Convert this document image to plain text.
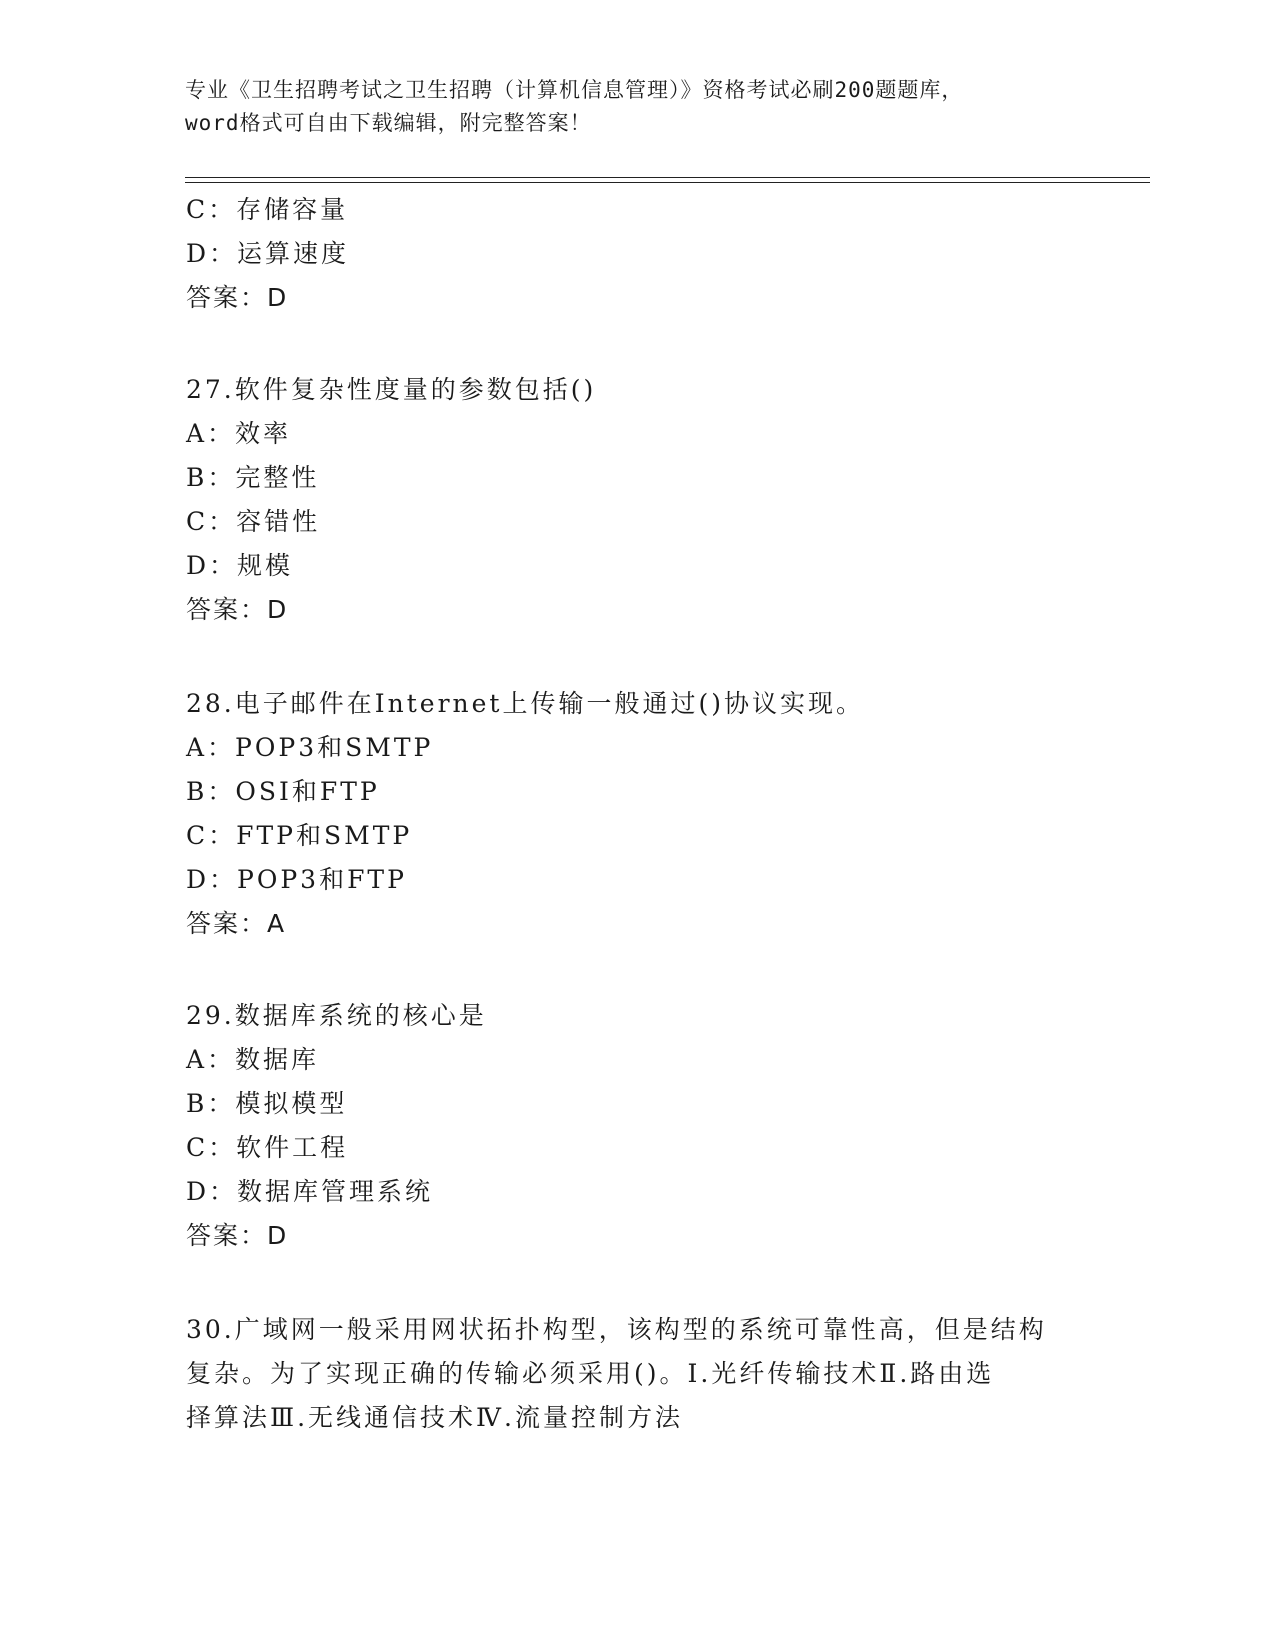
专业《卫生招聘考试之卫生招聘（计算机信息管理）》资格考试必刷200题题库，
word格式可自由下载编辑，附完整答案！
C：存储容量
D：运算速度
答案：D
27.软件复杂性度量的参数包括()
A：效率
B：完整性
C：容错性
D：规模
答案：D
28.电子邮件在Internet上传输一般通过()协议实现。
A：POP3和SMTP
B：OSI和FTP
C：FTP和SMTP
D：POP3和FTP
答案：A
29.数据库系统的核心是
A：数据库
B：模拟模型
C：软件工程
D：数据库管理系统
答案：D
30.广域网一般采用网状拓扑构型，该构型的系统可靠性高，但是结构
复杂。为了实现正确的传输必须采用()。Ⅰ.光纤传输技术Ⅱ.路由选
择算法Ⅲ.无线通信技术Ⅳ.流量控制方法
